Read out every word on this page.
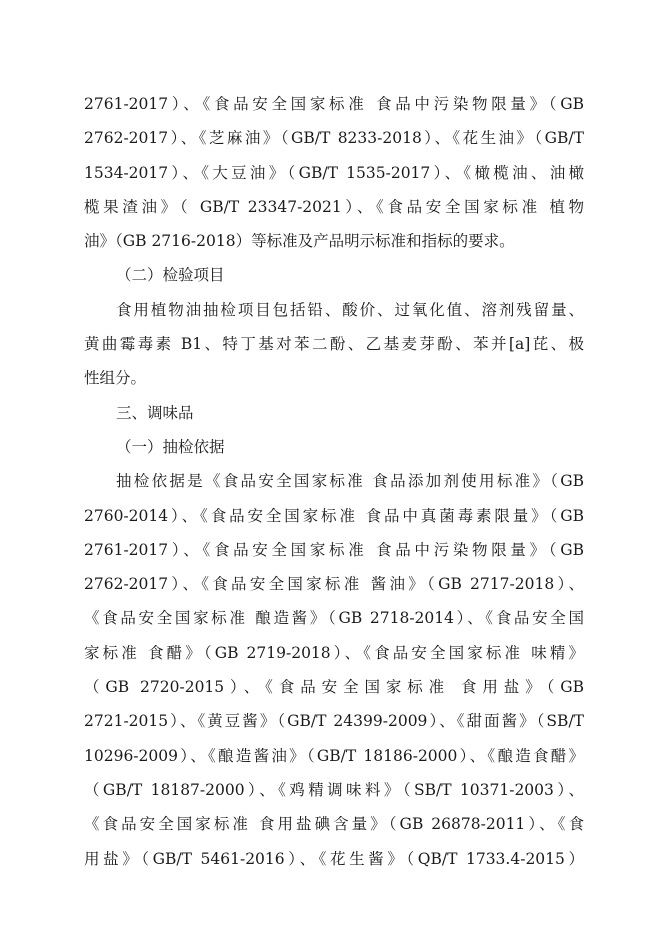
2761-2017）、《食品安全国家标准 食品中污染物限量》（GB
2762-2017）、《芝麻油》（GB/T 8233-2018）、《花生油》（GB/T
1534-2017）、《大豆油》（GB/T 1535-2017）、《橄榄油、油橄
榄果渣油》（ GB/T 23347-2021）、《食品安全国家标准 植物
油》（GB 2716-2018）等标准及产品明示标准和指标的要求。
（二）检验项目
食用植物油抽检项目包括铅、酸价、过氧化值、溶剂残留量、
黄曲霉毒素 B1、特丁基对苯二酚、乙基麦芽酚、苯并[a]芘、极
性组分。
三、调味品
（一）抽检依据
抽检依据是《食品安全国家标准 食品添加剂使用标准》（GB
2760-2014）、《食品安全国家标准 食品中真菌毒素限量》（GB
2761-2017）、《食品安全国家标准 食品中污染物限量》（GB
2762-2017）、《食品安全国家标准 酱油》（GB 2717-2018）、
《食品安全国家标准 酿造酱》（GB 2718-2014）、《食品安全国
家标准 食醋》（GB 2719-2018）、《食品安全国家标准 味精》
（GB 2720-2015）、《食品安全国家标准 食用盐》（GB
2721-2015）、《黄豆酱》（GB/T 24399-2009）、《甜面酱》（SB/T
10296-2009）、《酿造酱油》（GB/T 18186-2000）、《酿造食醋》
（GB/T 18187-2000）、《鸡精调味料》（SB/T 10371-2003）、
《食品安全国家标准 食用盐碘含量》（GB 26878-2011）、《食
用盐》（GB/T 5461-2016）、《花生酱》（QB/T 1733.4-2015）
